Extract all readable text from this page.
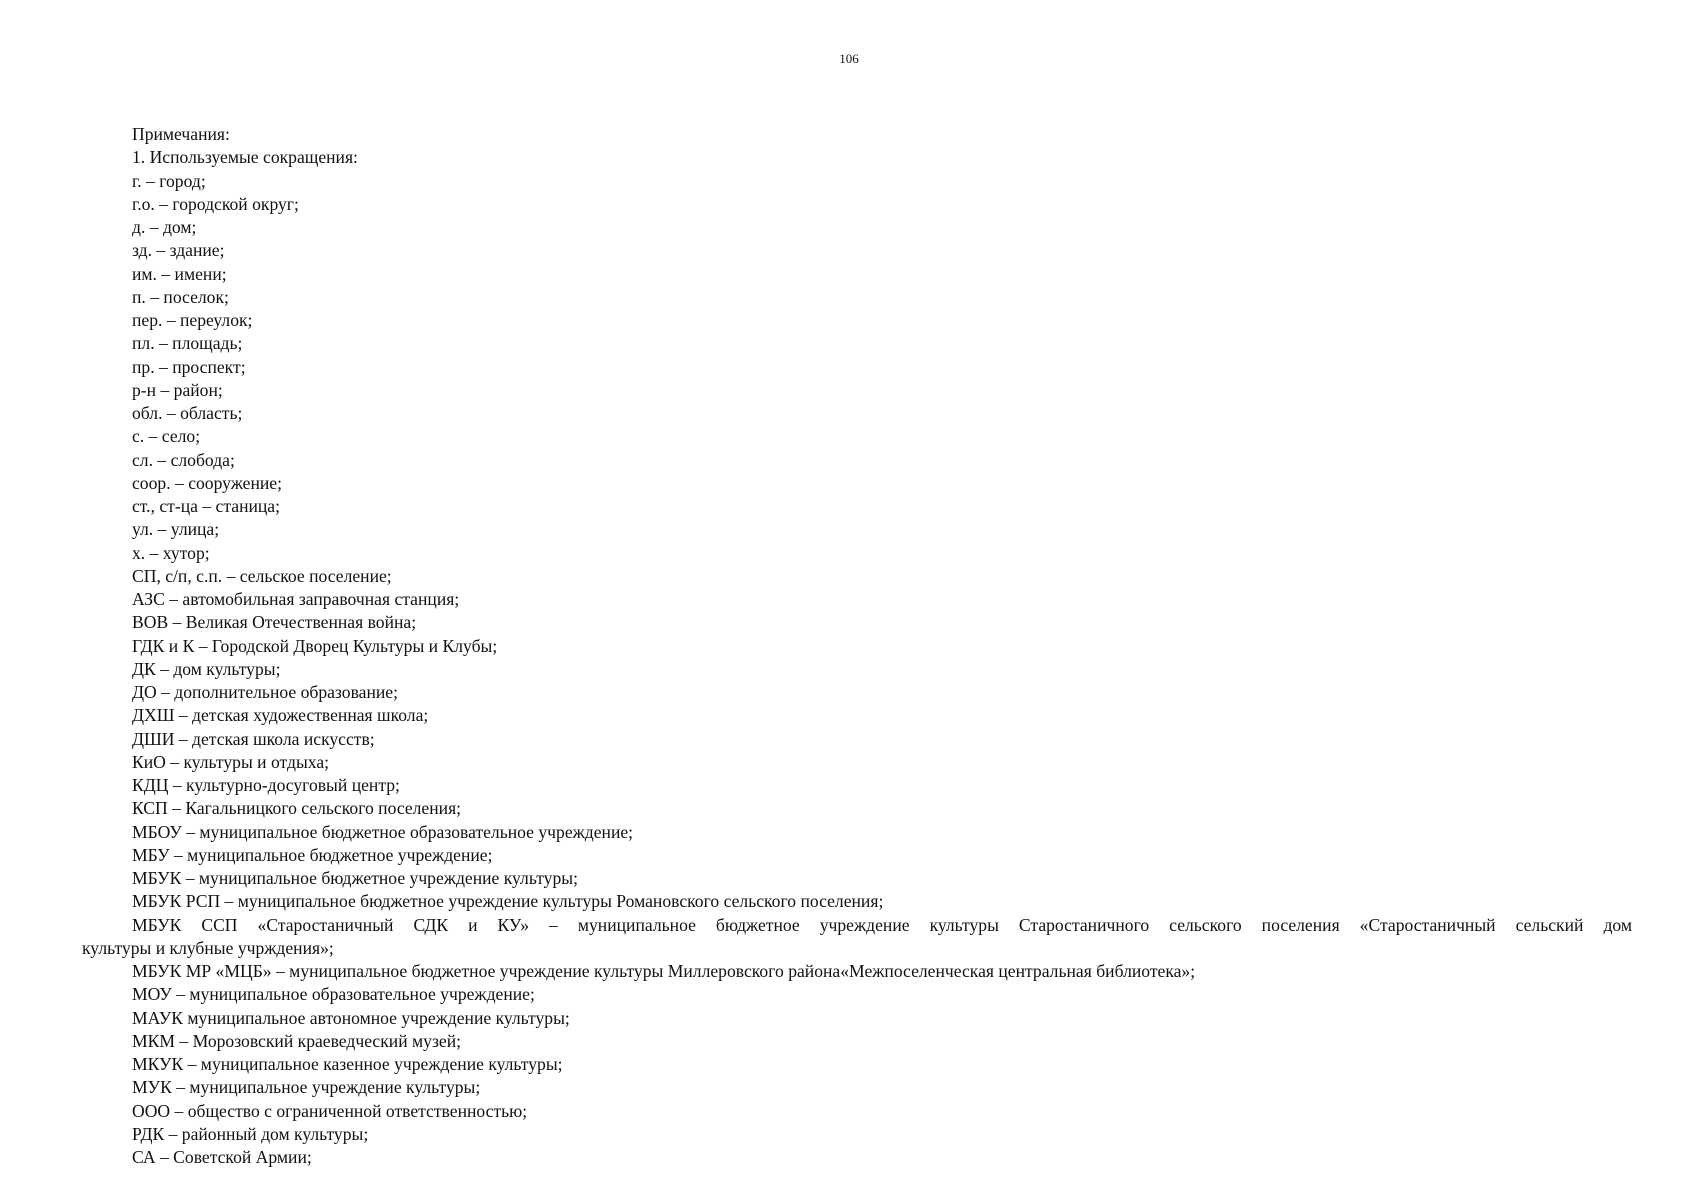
106
Примечания:
1. Используемые сокращения:
г. – город;
г.о. – городской округ;
д. – дом;
зд. – здание;
им. – имени;
п. – поселок;
пер. – переулок;
пл. – площадь;
пр. – проспект;
р-н – район;
обл. – область;
с. – село;
сл. – слобода;
соор. – сооружение;
ст., ст-ца – станица;
ул. – улица;
х. – хутор;
СП, с/п, с.п. – сельское поселение;
АЗС – автомобильная заправочная станция;
ВОВ – Великая Отечественная война;
ГДК и К – Городской Дворец Культуры и Клубы;
ДК – дом культуры;
ДО – дополнительное образование;
ДХШ – детская художественная школа;
ДШИ – детская школа искусств;
КиО – культуры и отдыха;
КДЦ – культурно-досуговый центр;
КСП – Кагальницкого сельского поселения;
МБОУ – муниципальное бюджетное образовательное учреждение;
МБУ – муниципальное бюджетное учреждение;
МБУК – муниципальное бюджетное учреждение культуры;
МБУК РСП – муниципальное бюджетное учреждение культуры Романовского сельского поселения;
МБУК ССП «Старостаничный СДК и КУ» – муниципальное бюджетное учреждение культуры Старостаничного сельского поселения «Старостаничный сельский дом
культуры и клубные учрждения»;
МБУК МР «МЦБ» – муниципальное бюджетное учреждение культуры Миллеровского района«Межпоселенческая центральная библиотека»;
МОУ – муниципальное образовательное учреждение;
МАУК муниципальное автономное учреждение культуры;
МКМ – Морозовский краеведческий музей;
МКУК – муниципальное казенное учреждение культуры;
МУК – муниципальное учреждение культуры;
ООО – общество с ограниченной ответственностью;
РДК – районный дом культуры;
СА – Советской Армии;
